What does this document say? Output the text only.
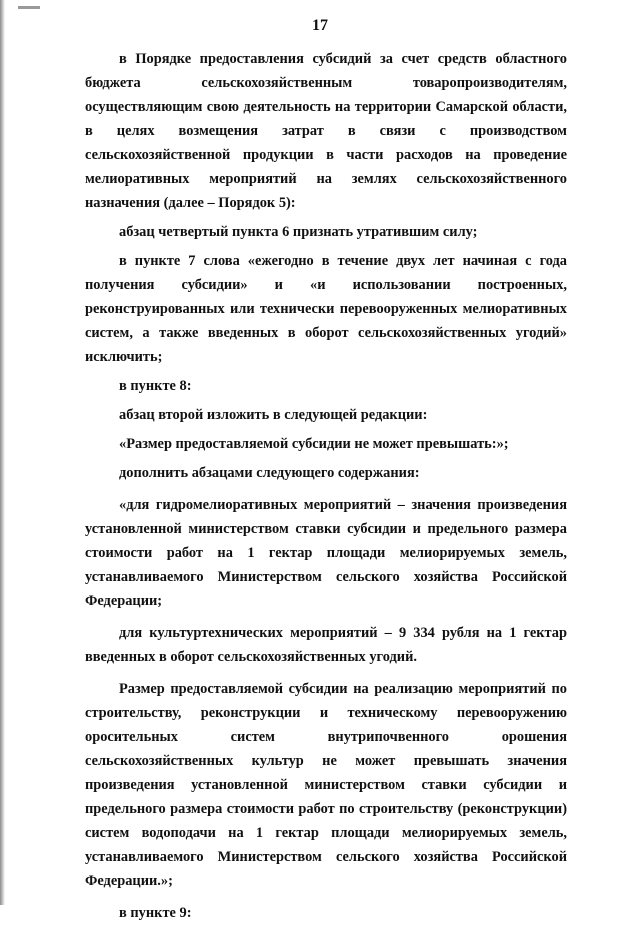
17

в Порядке предоставления субсидий за счет средств областного бюджета сельскохозяйственным товаропроизводителям, осуществляющим свою деятельность на территории Самарской области, в целях возмещения затрат в связи с производством сельскохозяйственной продукции в части расходов на проведение мелиоративных мероприятий на землях сельскохозяйственного назначения (далее – Порядок 5):

абзац четвертый пункта 6 признать утратившим силу;

в пункте 7 слова «ежегодно в течение двух лет начиная с года получения субсидии» и «и использовании построенных, реконструированных или технически перевооруженных мелиоративных систем, а также введенных в оборот сельскохозяйственных угодий» исключить;

в пункте 8:

абзац второй изложить в следующей редакции:

«Размер предоставляемой субсидии не может превышать:»;

дополнить абзацами следующего содержания:

«для гидромелиоративных мероприятий – значения произведения установленной министерством ставки субсидии и предельного размера стоимости работ на 1 гектар площади мелиорируемых земель, устанавливаемого Министерством сельского хозяйства Российской Федерации;

для культуртехнических мероприятий – 9 334 рубля на 1 гектар введенных в оборот сельскохозяйственных угодий.

Размер предоставляемой субсидии на реализацию мероприятий по строительству, реконструкции и техническому перевооружению оросительных систем внутрипочвенного орошения сельскохозяйственных культур не может превышать значения произведения установленной министерством ставки субсидии и предельного размера стоимости работ по строительству (реконструкции) систем водоподачи на 1 гектар площади мелиорируемых земель, устанавливаемого Министерством сельского хозяйства Российской Федерации.»;

в пункте 9:
